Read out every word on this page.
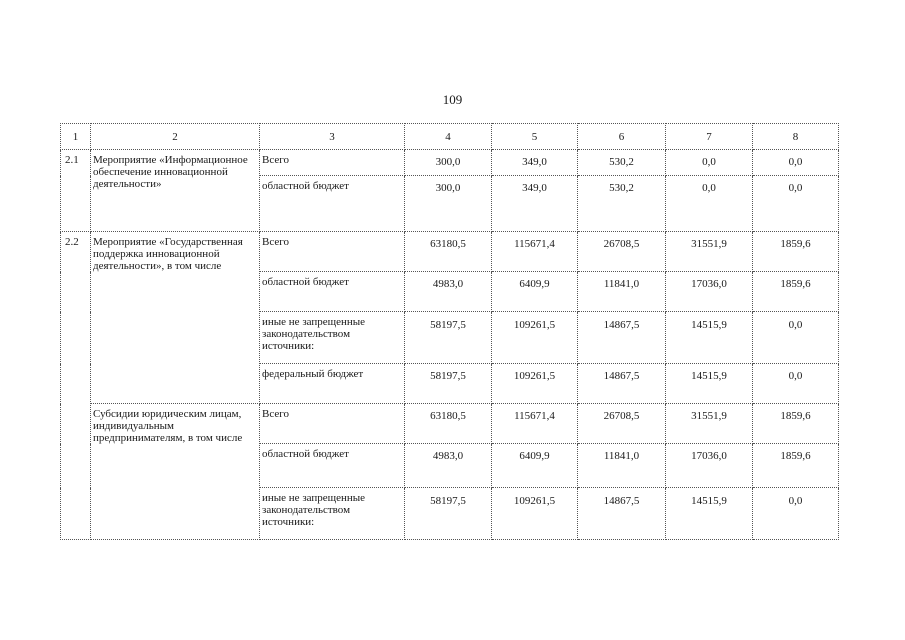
109
1	2	3	4	5	6	7	8
2.1	Мероприятие «Информационное обеспечение инновационной деятельности»	Всего	300,0	349,0	530,2	0,0	0,0
		областной бюджет	300,0	349,0	530,2	0,0	0,0
2.2	Мероприятие «Государственная поддержка инновационной деятельности», в том числе	Всего	63180,5	115671,4	26708,5	31551,9	1859,6
		областной бюджет	4983,0	6409,9	11841,0	17036,0	1859,6
		иные не запрещенные законодательством источники:	58197,5	109261,5	14867,5	14515,9	0,0
		федеральный бюджет	58197,5	109261,5	14867,5	14515,9	0,0
	Субсидии юридическим лицам, индивидуальным предпринимателям, в том числе	Всего	63180,5	115671,4	26708,5	31551,9	1859,6
		областной бюджет	4983,0	6409,9	11841,0	17036,0	1859,6
		иные не запрещенные законодательством источники:	58197,5	109261,5	14867,5	14515,9	0,0
